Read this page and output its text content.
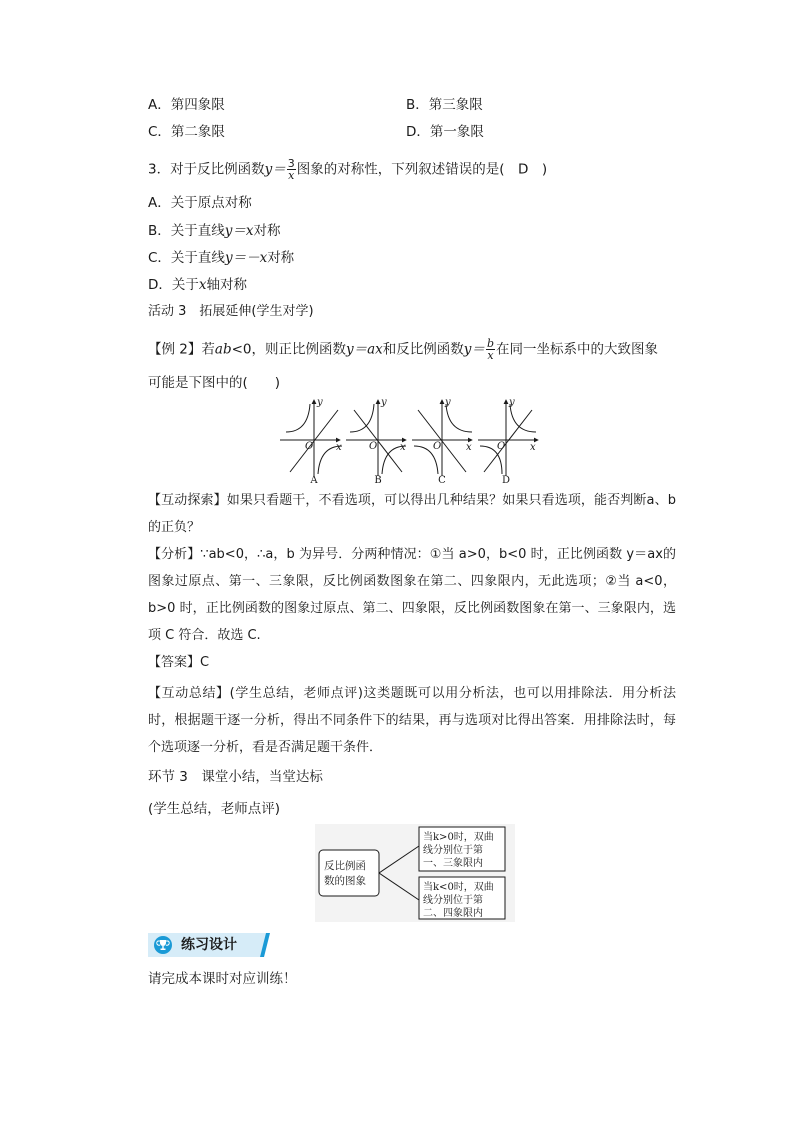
A．第四象限	B．第三象限
C．第二象限	D．第一象限
3．对于反比例函数$y= \frac{3}{x}$ 图象的对称性，下列叙述错误的是(　D　)
A．关于原点对称
B．关于直线y＝x对称
C．关于直线y＝－x对称
D．关于x轴对称
活动 3　拓展延伸(学生对学)
【例 2】若ab<0，则正比例函数y＝ax和反比例函数$y= \frac{b}{x}$ 在同一坐标系中的大致图象
可能是下图中的(　　)
y
x
O
y
x
O
y
x
O
y
x
O
A	B	C	D
【互动探索】如果只看题干，不看选项，可以得出几种结果？如果只看选项，能否判断a、b 的正负？
【分析】∵ab<0，∴a，b 为异号．分两种情况：①当 a>0，b<0 时，正比例函数 y＝ax的图象过原点、第一、三象限，反比例函数图象在第二、四象限内，无此选项；②当 a<0，b>0 时，正比例函数的图象过原点、第二、四象限，反比例函数图象在第一、三象限内，选项 C 符合．故选 C.
【答案】C
【互动总结】(学生总结，老师点评)这类题既可以用分析法，也可以用排除法．用分析法时，根据题干逐一分析，得出不同条件下的结果，再与选项对比得出答案．用排除法时，每个选项逐一分析，看是否满足题干条件．
环节 3　课堂小结，当堂达标
(学生总结，老师点评)
反比例函
数的图象
当k>0时，双曲
线分别位于第
一、三象限内
当k<0时，双曲
线分别位于第
二、四象限内
练习设计
请完成本课时对应训练！
